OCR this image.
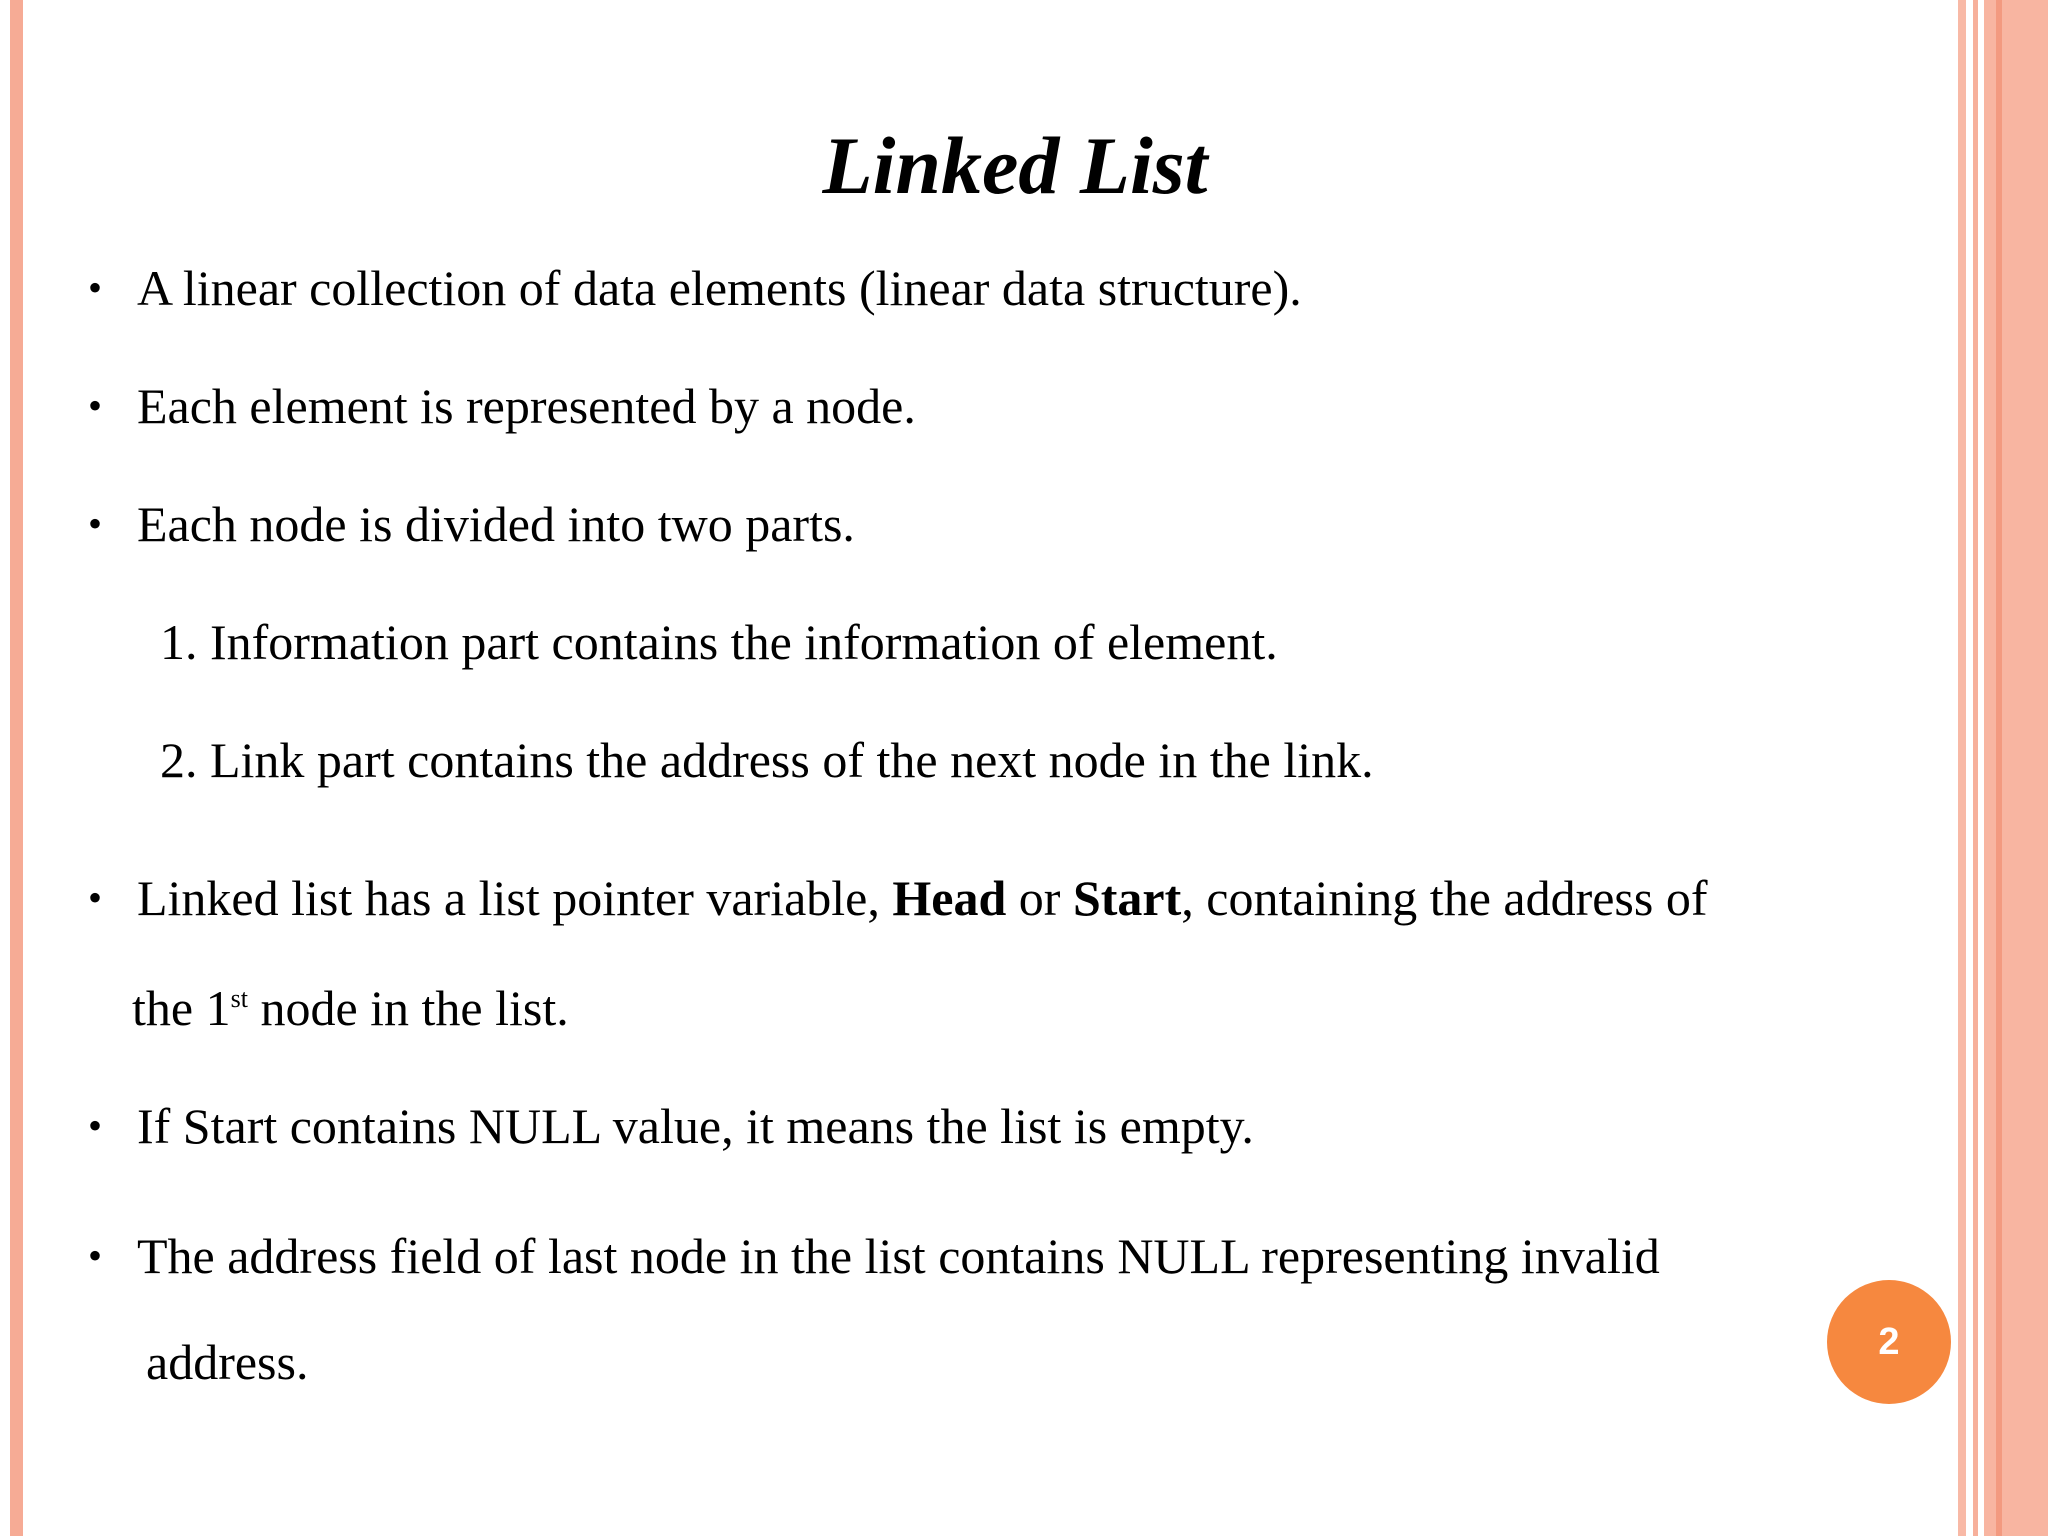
Linked List
• A linear collection of data elements (linear data structure).

• Each element is represented by a node.

• Each node is divided into two parts.

1. Information part contains the information of element.

2. Link part contains the address of the next node in the link.

• Linked list has a list pointer variable, Head or Start, containing the address of

the 1st node in the list.

• If Start contains NULL value, it means the list is empty.

• The address field of last node in the list contains NULL representing invalid

address.	2
